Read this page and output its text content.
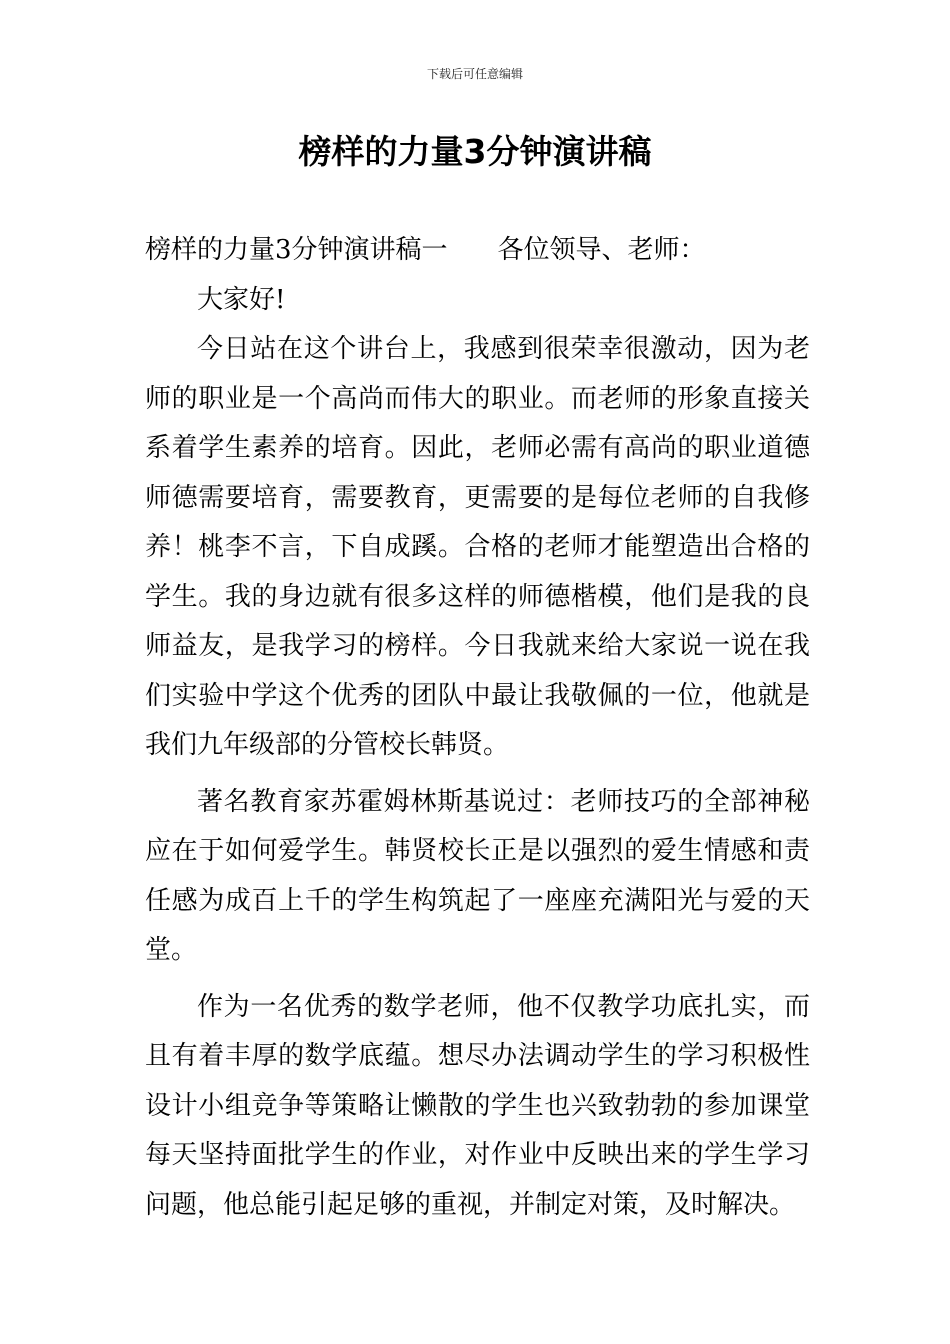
下载后可任意编辑
榜样的力量3分钟演讲稿

榜样的力量3分钟演讲稿一 各位领导、老师：

大家好!

今日站在这个讲台上，我感到很荣幸很激动，因为老师的职业是一个高尚而伟大的职业。而老师的形象直接关系着学生素养的培育。因此，老师必需有高尚的职业道德师德需要培育，需要教育，更需要的是每位老师的自我修养！桃李不言，下自成蹊。合格的老师才能塑造出合格的学生。我的身边就有很多这样的师德楷模，他们是我的良师益友，是我学习的榜样。今日我就来给大家说一说在我们实验中学这个优秀的团队中最让我敬佩的一位，他就是我们九年级部的分管校长韩贤。

著名教育家苏霍姆林斯基说过：老师技巧的全部神秘应在于如何爱学生。韩贤校长正是以强烈的爱生情感和责任感为成百上千的学生构筑起了一座座充满阳光与爱的天堂。

作为一名优秀的数学老师，他不仅教学功底扎实，而且有着丰厚的数学底蕴。想尽办法调动学生的学习积极性设计小组竞争等策略让懒散的学生也兴致勃勃的参加课堂每天坚持面批学生的作业，对作业中反映出来的学生学习问题，他总能引起足够的重视，并制定对策，及时解决。
